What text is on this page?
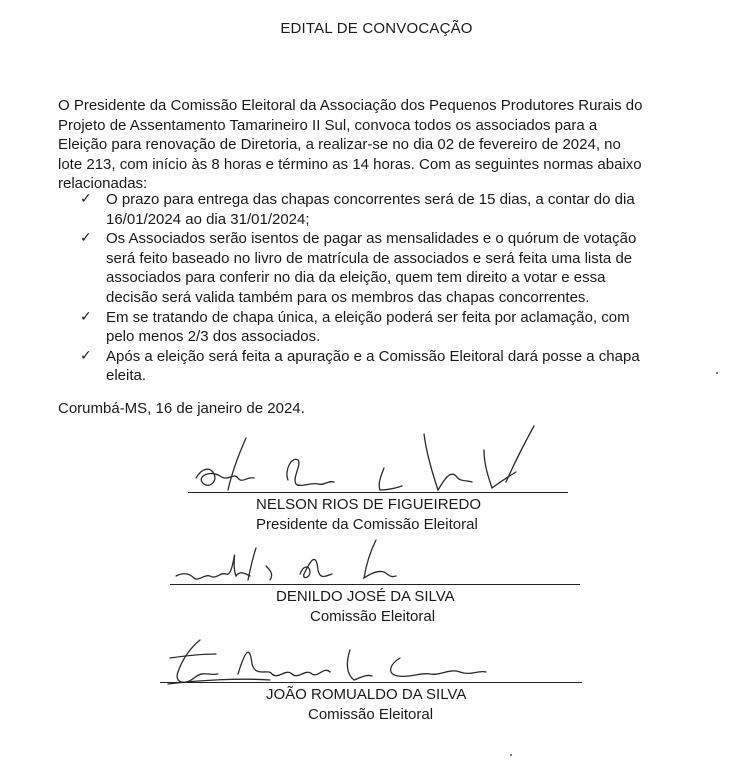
EDITAL DE CONVOCAÇÃO
O Presidente da Comissão Eleitoral da Associação dos Pequenos Produtores Rurais do
Projeto de Assentamento Tamarineiro II Sul, convoca todos os associados para a
Eleição para renovação de Diretoria, a realizar-se no dia 02 de fevereiro de 2024, no
lote 213, com início às 8 horas e término as 14 horas. Com as seguintes normas abaixo
relacionadas:
✓ O prazo para entrega das chapas concorrentes será de 15 dias, a contar do dia
16/01/2024 ao dia 31/01/2024;
✓ Os Associados serão isentos de pagar as mensalidades e o quórum de votação
será feito baseado no livro de matrícula de associados e será feita uma lista de
associados para conferir no dia da eleição, quem tem direito a votar e essa
decisão será valida também para os membros das chapas concorrentes.
✓ Em se tratando de chapa única, a eleição poderá ser feita por aclamação, com
pelo menos 2/3 dos associados.
✓ Após a eleição será feita a apuração e a Comissão Eleitoral dará posse a chapa
eleita.
Corumbá-MS, 16 de janeiro de 2024.
NELSON RIOS DE FIGUEIREDO
Presidente da Comissão Eleitoral
DENILDO JOSÉ DA SILVA
Comissão Eleitoral
JOÃO ROMUALDO DA SILVA
Comissão Eleitoral
